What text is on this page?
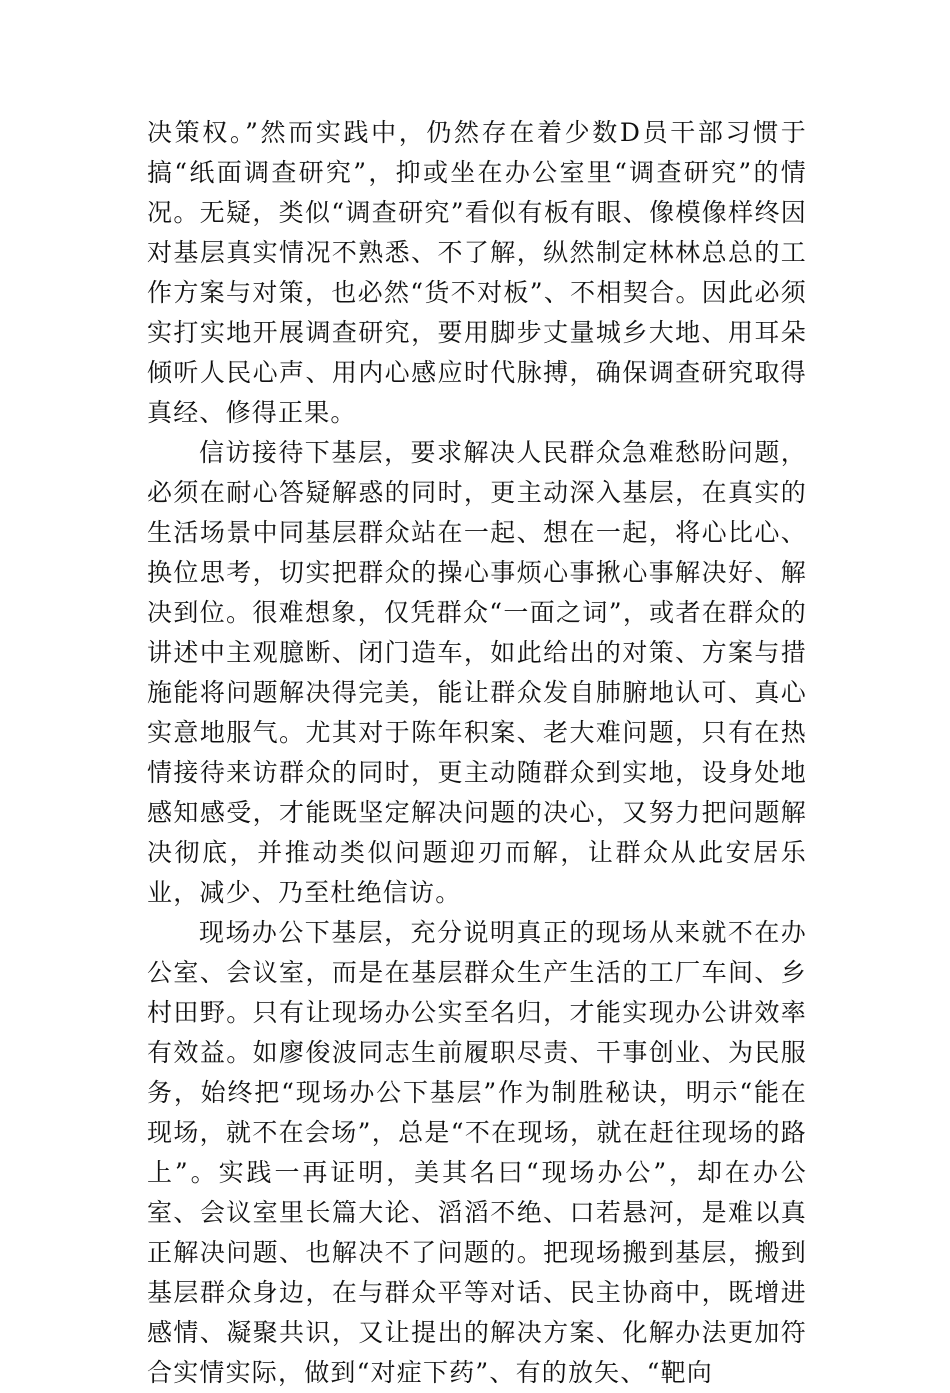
决策权。”然而实践中，仍然存在着少数D员干部习惯于搞“纸面调查研究”，抑或坐在办公室里“调查研究”的情况。无疑，类似“调查研究”看似有板有眼、像模像样终因对基层真实情况不熟悉、不了解，纵然制定林林总总的工作方案与对策，也必然“货不对板”、不相契合。因此必须实打实地开展调查研究，要用脚步丈量城乡大地、用耳朵倾听人民心声、用内心感应时代脉搏，确保调查研究取得真经、修得正果。

信访接待下基层，要求解决人民群众急难愁盼问题，必须在耐心答疑解惑的同时，更主动深入基层，在真实的生活场景中同基层群众站在一起、想在一起，将心比心、换位思考，切实把群众的操心事烦心事揪心事解决好、解决到位。很难想象，仅凭群众“一面之词”，或者在群众的讲述中主观臆断、闭门造车，如此给出的对策、方案与措施能将问题解决得完美，能让群众发自肺腑地认可、真心实意地服气。尤其对于陈年积案、老大难问题，只有在热情接待来访群众的同时，更主动随群众到实地，设身处地感知感受，才能既坚定解决问题的决心，又努力把问题解决彻底，并推动类似问题迎刃而解，让群众从此安居乐业，减少、乃至杜绝信访。

现场办公下基层，充分说明真正的现场从来就不在办公室、会议室，而是在基层群众生产生活的工厂车间、乡村田野。只有让现场办公实至名归，才能实现办公讲效率有效益。如廖俊波同志生前履职尽责、干事创业、为民服务，始终把“现场办公下基层”作为制胜秘诀，明示“能在现场，就不在会场”，总是“不在现场，就在赶往现场的路上”。实践一再证明，美其名曰“现场办公”，却在办公室、会议室里长篇大论、滔滔不绝、口若悬河，是难以真正解决问题、也解决不了问题的。把现场搬到基层，搬到基层群众身边，在与群众平等对话、民主协商中，既增进感情、凝聚共识，又让提出的解决方案、化解办法更加符合实情实际，做到“对症下药”、有的放矢、“靶向
